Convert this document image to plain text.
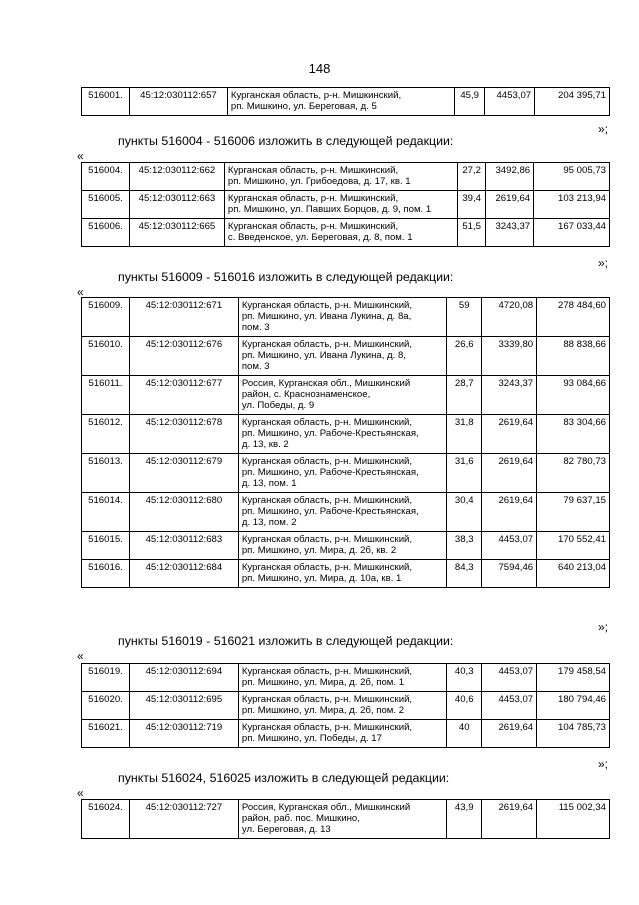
148
516001.	45:12:030112:657	Курганская область, р-н. Мишкинский,
рп. Мишкино, ул. Береговая, д. 5	45,9	4453,07	204 395,71
»;
пункты 516004 - 516006 изложить в следующей редакции:
«
516004.	45:12:030112:662	Курганская область, р-н. Мишкинский,
рп. Мишкино, ул. Грибоедова, д. 17, кв. 1	27,2	3492,86	95 005,73
516005.	45:12:030112:663	Курганская область, р-н. Мишкинский,
рп. Мишкино, ул. Павших Борцов, д. 9, пом. 1	39,4	2619,64	103 213,94
516006.	45:12:030112:665	Курганская область, р-н. Мишкинский,
с. Введенское, ул. Береговая, д. 8, пом. 1	51,5	3243,37	167 033,44
»;
пункты 516009 - 516016 изложить в следующей редакции:
«
516009.	45:12:030112:671	Курганская область, р-н. Мишкинский,
рп. Мишкино, ул. Ивана Лукина, д. 8а,
пом. 3	59	4720,08	278 484,60
516010.	45:12:030112:676	Курганская область, р-н. Мишкинский,
рп. Мишкино, ул. Ивана Лукина, д. 8,
пом. 3	26,6	3339,80	88 838,66
516011.	45:12:030112:677	Россия, Курганская обл., Мишкинский
район, с. Краснознаменское,
ул. Победы, д. 9	28,7	3243,37	93 084,66
516012.	45:12:030112:678	Курганская область, р-н. Мишкинский,
рп. Мишкино, ул. Рабоче-Крестьянская,
д. 13, кв. 2	31,8	2619,64	83 304,66
516013.	45:12:030112:679	Курганская область, р-н. Мишкинский,
рп. Мишкино, ул. Рабоче-Крестьянская,
д. 13, пом. 1	31,6	2619,64	82 780,73
516014.	45:12:030112:680	Курганская область, р-н. Мишкинский,
рп. Мишкино, ул. Рабоче-Крестьянская,
д. 13, пом. 2	30,4	2619,64	79 637,15
516015.	45:12:030112:683	Курганская область, р-н. Мишкинский,
рп. Мишкино, ул. Мира, д. 2б, кв. 2	38,3	4453,07	170 552,41
516016.	45:12:030112:684	Курганская область, р-н. Мишкинский,
рп. Мишкино, ул. Мира, д. 10а, кв. 1	84,3	7594,46	640 213,04
»;
пункты 516019 - 516021 изложить в следующей редакции:
«
516019.	45:12:030112:694	Курганская область, р-н. Мишкинский,
рп. Мишкино, ул. Мира, д. 2б, пом. 1	40,3	4453,07	179 458,54
516020.	45:12:030112:695	Курганская область, р-н. Мишкинский,
рп. Мишкино, ул. Мира, д. 2б, пом. 2	40,6	4453,07	180 794,46
516021.	45:12:030112:719	Курганская область, р-н. Мишкинский,
рп. Мишкино, ул. Победы, д. 17	40	2619,64	104 785,73
»;
пункты 516024, 516025 изложить в следующей редакции:
«
516024.	45:12:030112:727	Россия, Курганская обл., Мишкинский
район, раб. пос. Мишкино,
ул. Береговая, д. 13	43,9	2619,64	115 002,34
